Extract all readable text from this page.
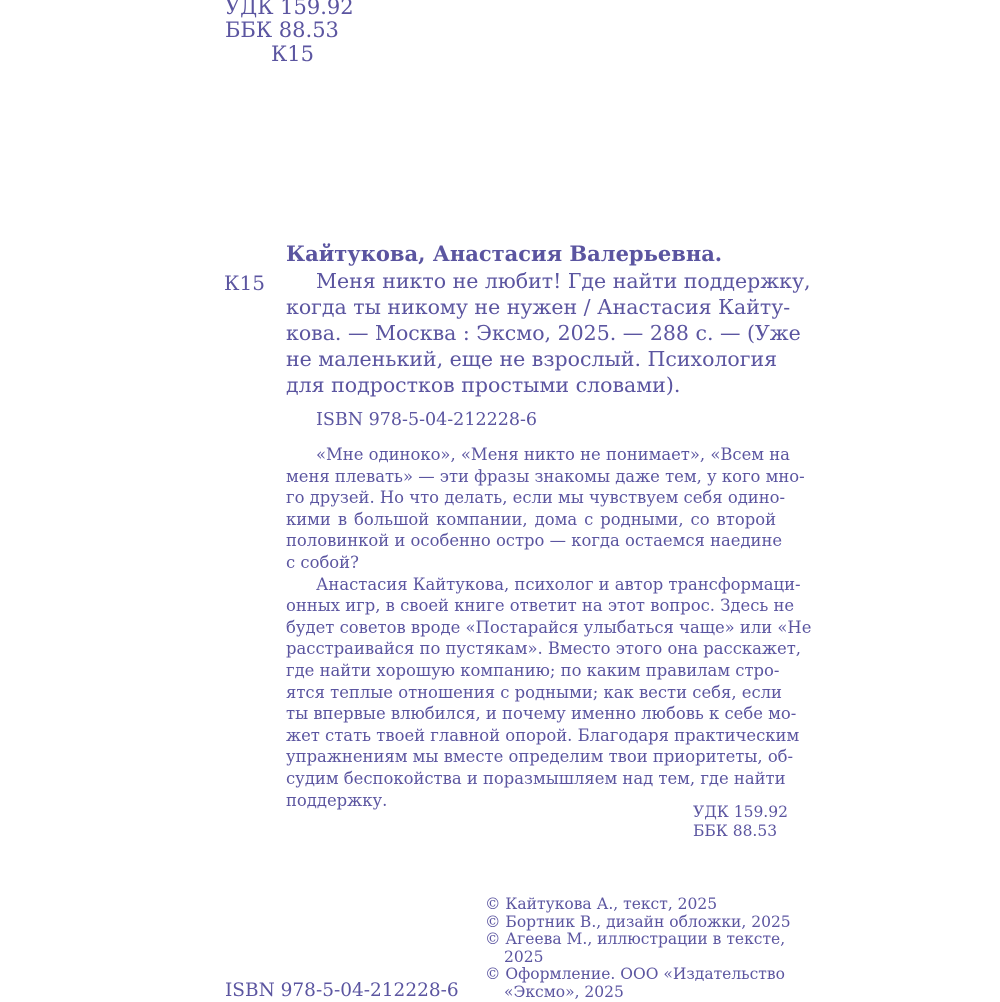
УДК 159.92

ББК 88.53

К15

Кайтукова, Анастасия Валерьевна.

К15	Меня никто не любит! Где найти поддержку,
когда ты никому не нужен / Анастасия Кайту-
кова. — Москва : Эксмо, 2025. — 288 с. — (Уже
не маленький, еще не взрослый. Психология
для подростков простыми словами).

ISBN 978-5-04-212228-6

«Мне одиноко», «Меня никто не понимает», «Всем на
меня плевать» — эти фразы знакомы даже тем, у кого мно-
го друзей. Но что делать, если мы чувствуем себя одино-
кими в большой компании, дома с родными, со второй
половинкой и особенно остро — когда остаемся наедине
с собой?
Анастасия Кайтукова, психолог и автор трансформаци-
онных игр, в своей книге ответит на этот вопрос. Здесь не
будет советов вроде «Постарайся улыбаться чаще» или «Не
расстраивайся по пустякам». Вместо этого она расскажет,
где найти хорошую компанию; по каким правилам стро-
ятся теплые отношения с родными; как вести себя, если
ты впервые влюбился, и почему именно любовь к себе мо-
жет стать твоей главной опорой. Благодаря практическим
упражнениям мы вместе определим твои приоритеты, об-
судим беспокойства и поразмышляем над тем, где найти
поддержку.

УДК 159.92

ББК 88.53

© Кайтукова А., текст, 2025
© Бортник В., дизайн обложки, 2025
© Агеева М., иллюстрации в тексте,
2025
© Оформление. ООО «Издательство
«Эксмо», 2025

ISBN 978-5-04-212228-6
